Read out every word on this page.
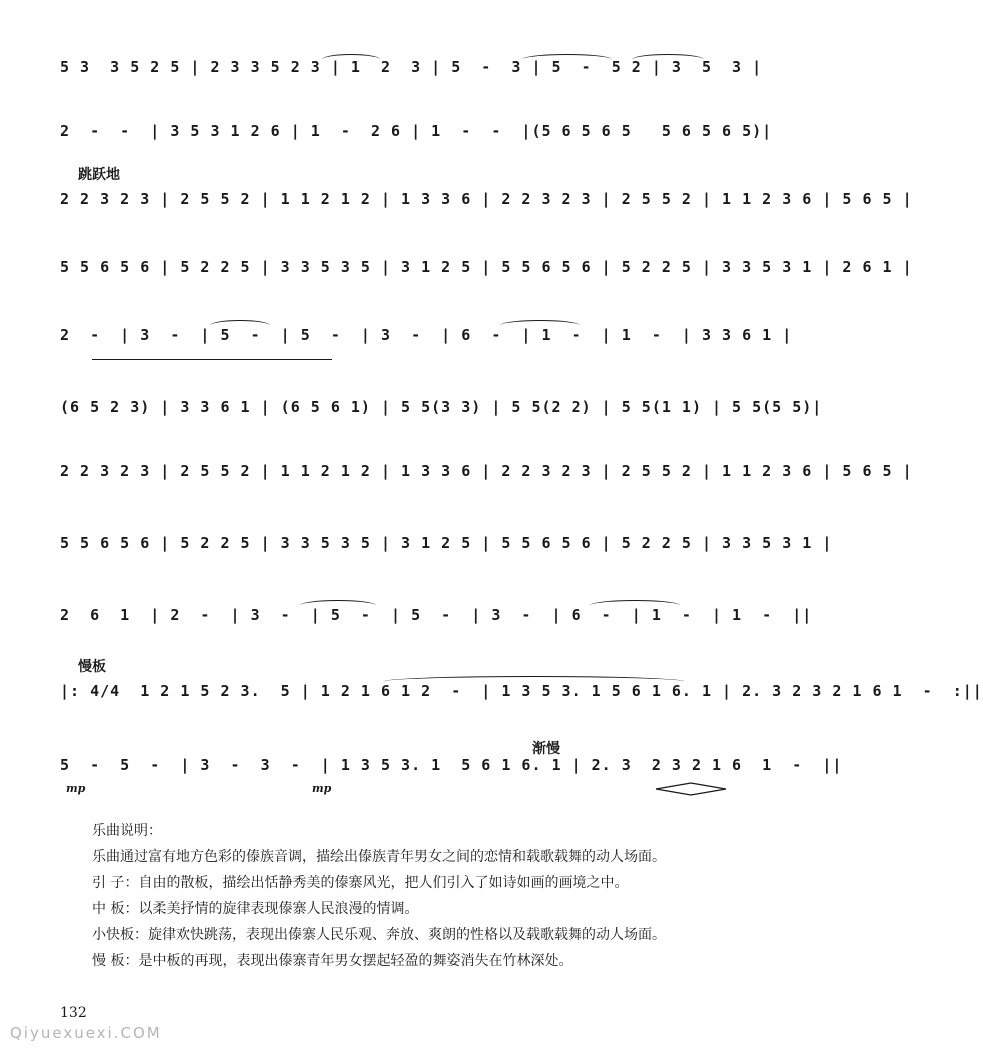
5 3  3 5 2 5 | 2 3 3 5 2 3 | 1  2  3 | 5  -  3 | 5  -  5 2 | 3  5  3 |
2  -  -  | 3 5 3 1 2 6 | 1  -  2 6 | 1  -  -  |(5 6 5 6 5   5 6 5 6 5)|
跳跃地
2 2 3 2 3 | 2 5 5 2 | 1 1 2 1 2 | 1 3 3 6 | 2 2 3 2 3 | 2 5 5 2 | 1 1 2 3 6 | 5 6 5 |
5 5 6 5 6 | 5 2 2 5 | 3 3 5 3 5 | 3 1 2 5 | 5 5 6 5 6 | 5 2 2 5 | 3 3 5 3 1 | 2 6 1 |
2  -  | 3  -  | 5  -  | 5  -  | 3  -  | 6  -  | 1  -  | 1  -  | 3 3 6 1 |
(6 5 2 3) | 3 3 6 1 | (6 5 6 1) | 5 5(3 3) | 5 5(2 2) | 5 5(1 1) | 5 5(5 5)|
2 2 3 2 3 | 2 5 5 2 | 1 1 2 1 2 | 1 3 3 6 | 2 2 3 2 3 | 2 5 5 2 | 1 1 2 3 6 | 5 6 5 |
5 5 6 5 6 | 5 2 2 5 | 3 3 5 3 5 | 3 1 2 5 | 5 5 6 5 6 | 5 2 2 5 | 3 3 5 3 1 |
2  6  1  | 2  -  | 3  -  | 5  -  | 5  -  | 3  -  | 6  -  | 1  -  | 1  -  ||
慢板
|: 4/4  1 2 1 5 2 3.  5 | 1 2 1 6 1 2  -  | 1 3 5 3. 1 5 6 1 6. 1 | 2. 3 2 3 2 1 6 1  -  :||
渐慢
5  -  5  -  | 3  -  3  -  | 1 3 5 3. 1  5 6 1 6. 1 | 2. 3  2 3 2 1 6  1  -  ||
mp	mp

乐曲说明：

乐曲通过富有地方色彩的傣族音调，描绘出傣族青年男女之间的恋情和载歌载舞的动人场面。

引 子：自由的散板，描绘出恬静秀美的傣寨风光，把人们引入了如诗如画的画境之中。

中 板：以柔美抒情的旋律表现傣寨人民浪漫的情调。

小快板：旋律欢快跳荡，表现出傣寨人民乐观、奔放、爽朗的性格以及载歌载舞的动人场面。

慢 板：是中板的再现，表现出傣寨青年男女摆起轻盈的舞姿消失在竹林深处。

132
Qiyuexuexi.COM
